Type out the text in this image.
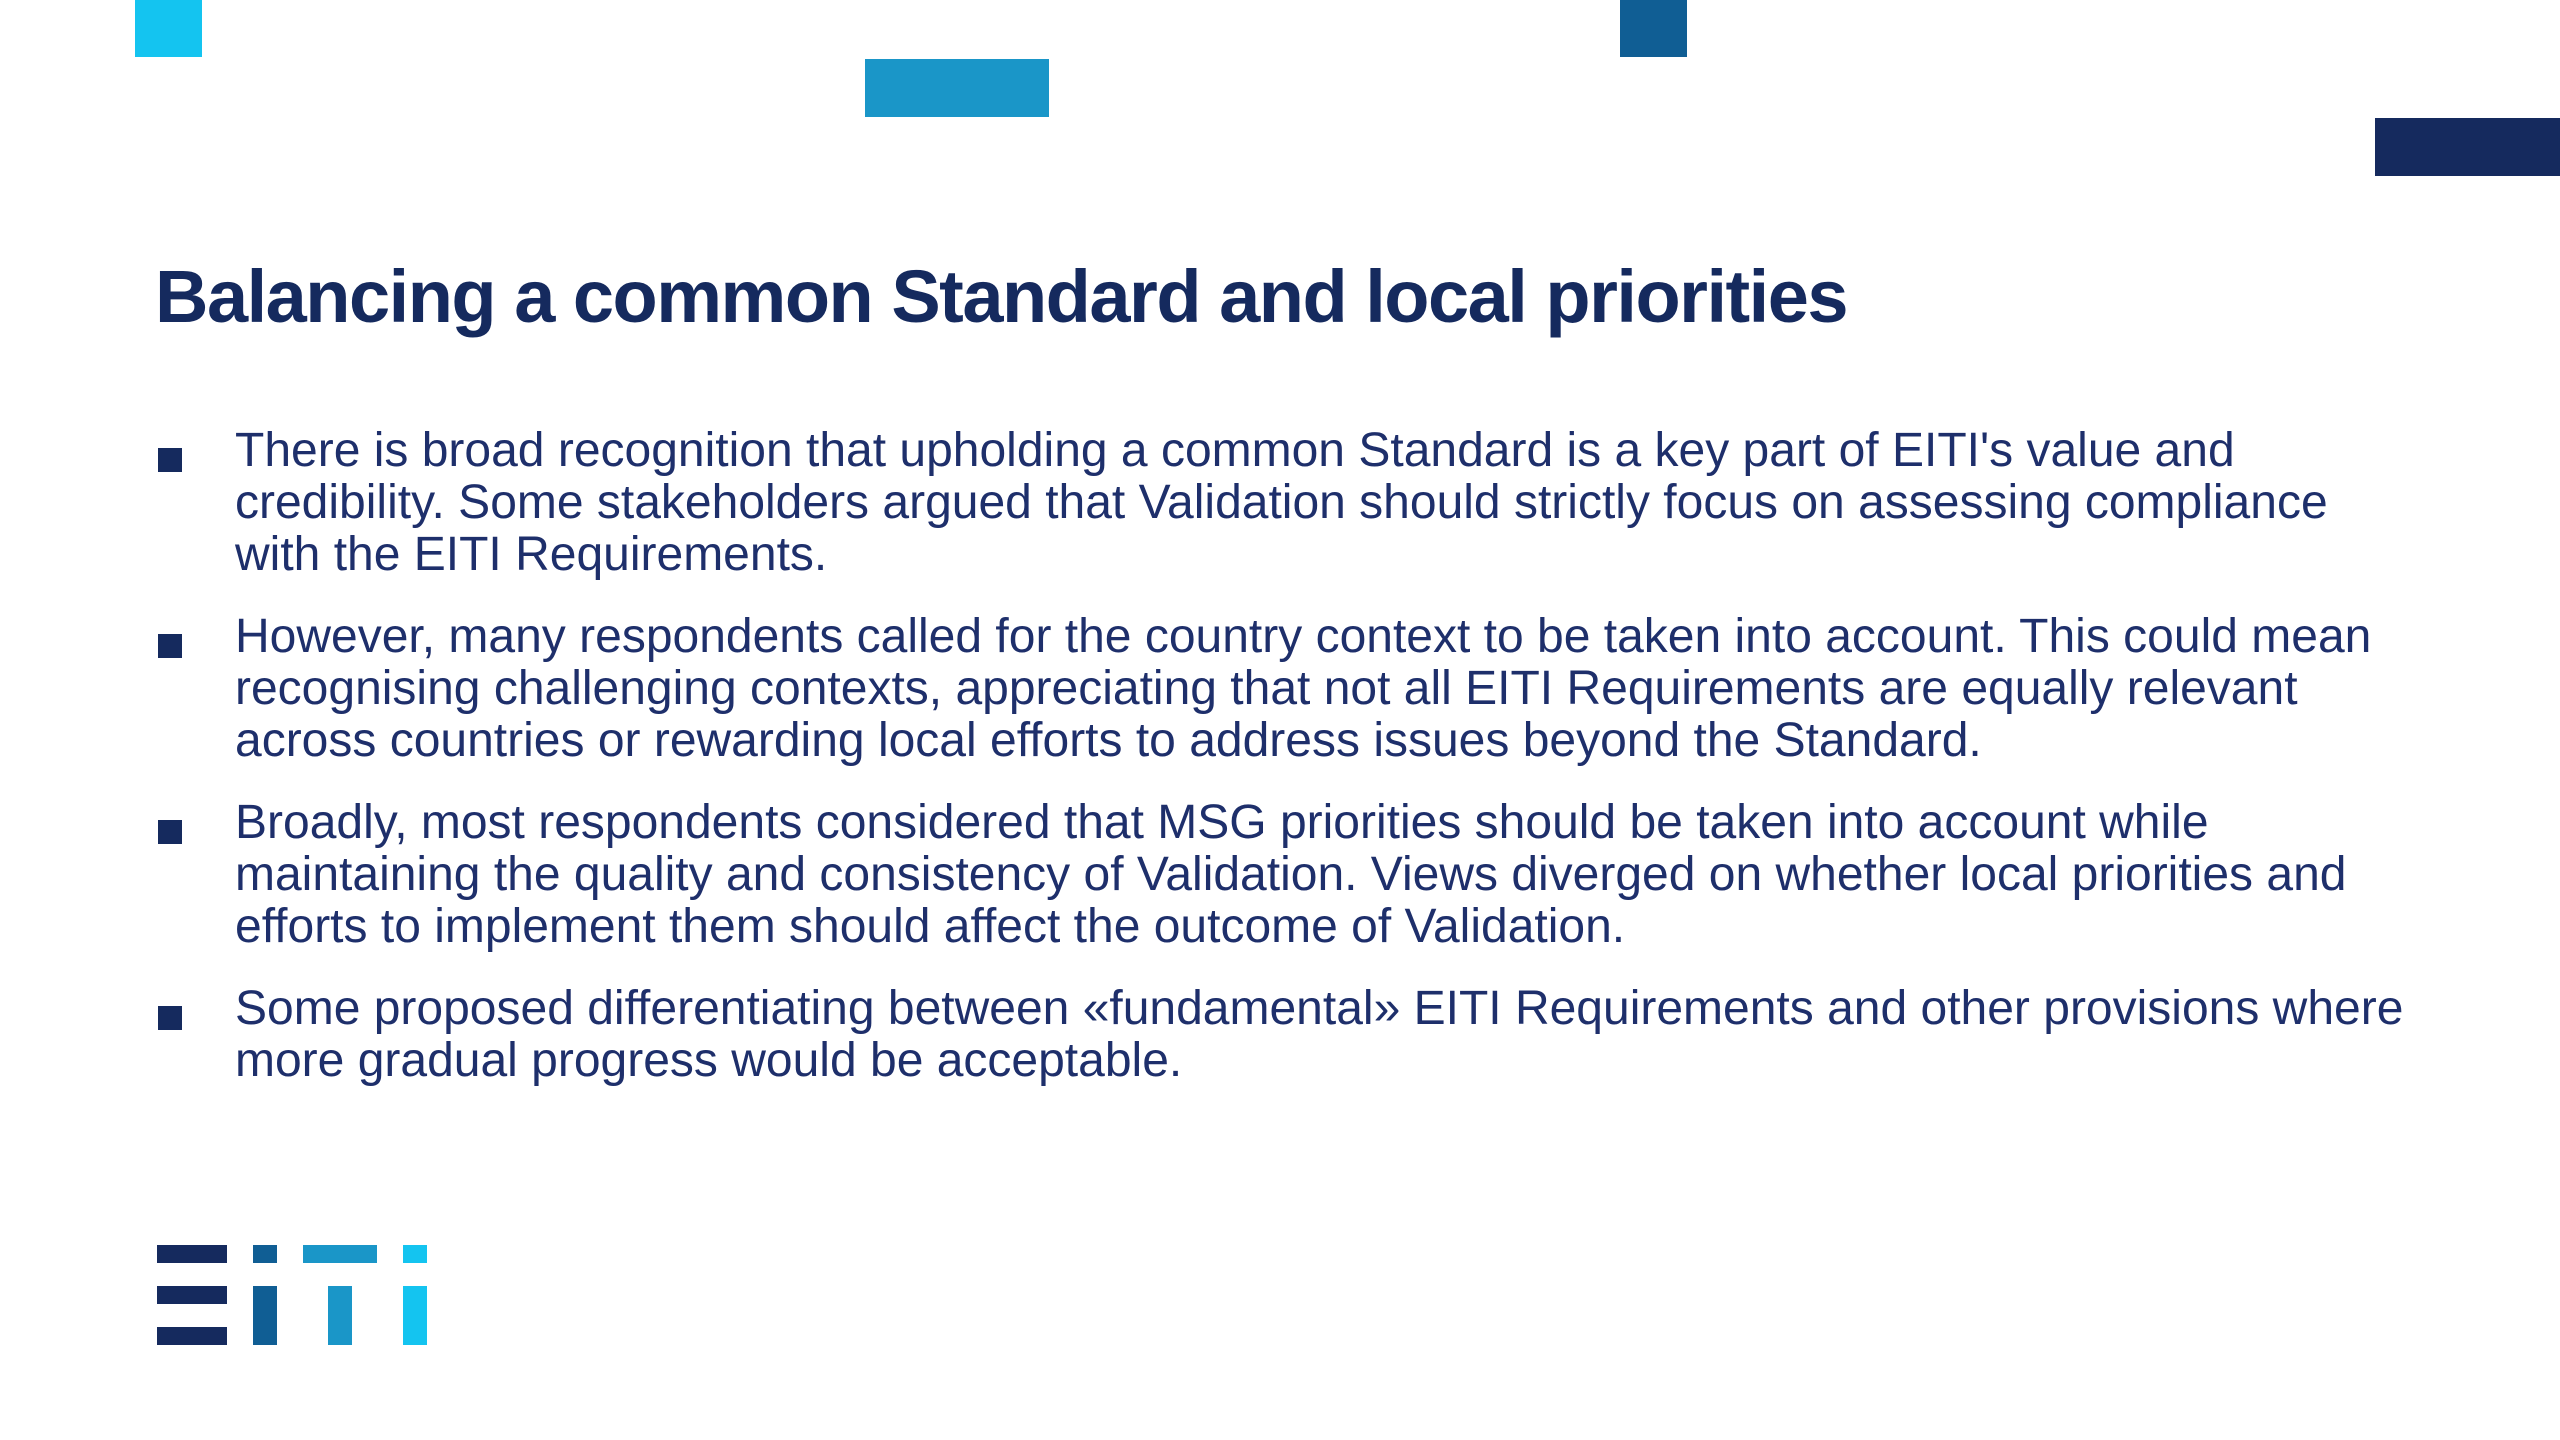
Balancing a common Standard and local priorities
There is broad recognition that upholding a common Standard is a key part of EITI's value and credibility. Some stakeholders argued that Validation should strictly focus on assessing compliance with the EITI Requirements.
However, many respondents called for the country context to be taken into account. This could mean recognising challenging contexts, appreciating that not all EITI Requirements are equally relevant across countries or rewarding local efforts to address issues beyond the Standard.
Broadly, most respondents considered that MSG priorities should be taken into account while maintaining the quality and consistency of Validation. Views diverged on whether local priorities and efforts to implement them should affect the outcome of Validation.
Some proposed differentiating between «fundamental» EITI Requirements and other provisions where more gradual progress would be acceptable.
